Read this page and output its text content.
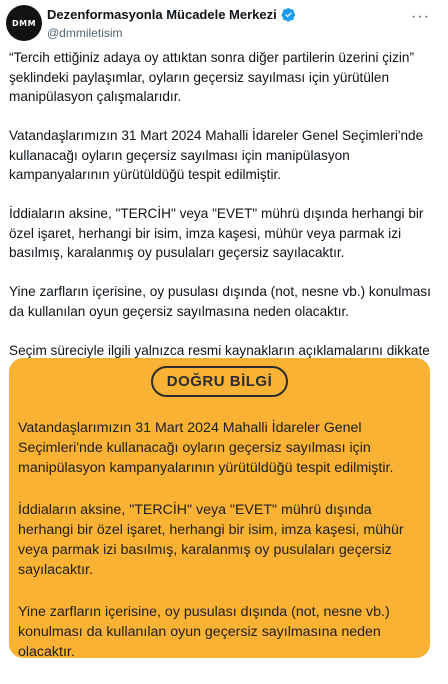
DMM
Dezenformasyonla Mücadele Merkezi
@dmmiletisim
···

“Tercih ettiğiniz adaya oy attıktan sonra diğer partilerin üzerini çizin” şeklindeki paylaşımlar, oyların geçersiz sayılması için yürütülen manipülasyon çalışmalarıdır.

Vatandaşlarımızın 31 Mart 2024 Mahalli İdareler Genel Seçimleri'nde kullanacağı oyların geçersiz sayılması için manipülasyon kampanyalarının yürütüldüğü tespit edilmiştir.

İddiaların aksine, "TERCİH" veya "EVET" mührü dışında herhangi bir özel işaret, herhangi bir isim, imza kaşesi, mühür veya parmak izi basılmış, karalanmış oy pusulaları geçersiz sayılacaktır.

Yine zarfların içerisine, oy pusulası dışında (not, nesne vb.) konulması da kullanılan oyun geçersiz sayılmasına neden olacaktır.

Seçim süreciyle ilgili yalnızca resmi kaynakların açıklamalarını dikkate

DOĞRU BİLGİ

Vatandaşlarımızın 31 Mart 2024 Mahalli İdareler Genel Seçimleri'nde kullanacağı oyların geçersiz sayılması için manipülasyon kampanyalarının yürütüldüğü tespit edilmiştir.

İddiaların aksine, "TERCİH" veya "EVET" mührü dışında herhangi bir özel işaret, herhangi bir isim, imza kaşesi, mühür veya parmak izi basılmış, karalanmış oy pusulaları geçersiz sayılacaktır.

Yine zarfların içerisine, oy pusulası dışında (not, nesne vb.) konulması da kullanılan oyun geçersiz sayılmasına neden olacaktır.
